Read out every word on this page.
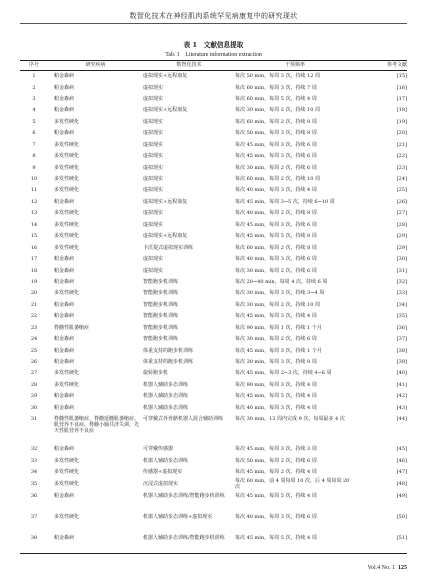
数智化技术在神经肌肉系统罕见病康复中的研究现状
表 1　文献信息提取
Tab. 1　Literature information extraction
序号	研究疾病	数智化技术	干预频率	参考文献
1	帕金森病	虚拟现实+远程康复	每次 50 min，每周 3 次，持续 12 周	[15]
2	帕金森病	虚拟现实	每次 60 min，每周 3 次，持续 7 周	[16]
3	帕金森病	虚拟现实	每次 60 min，每周 5 次，持续 4 周	[17]
4	帕金森病	虚拟现实+远程康复	每次 30 min，每周 2 次，持续 10 周	[18]
5	多发性硬化	虚拟现实	每次 60 min，每周 2 次，持续 8 周	[19]
6	帕金森病	虚拟现实	每次 50 min，每周 3 次，持续 8 周	[20]
7	多发性硬化	虚拟现实	每次 45 min，每周 3 次，持续 6 周	[21]
8	多发性硬化	虚拟现实	每次 45 min，每周 3 次，持续 6 周	[22]
9	多发性硬化	虚拟现实	每次 30 min，每周 2 次，持续 6 周	[23]
10	多发性硬化	虚拟现实	每次 60 min，每周 2 次，持续 10 周	[24]
11	多发性硬化	虚拟现实	每次 40 min，每周 3 次，持续 4 周	[25]
12	帕金森病	虚拟现实+远程康复	每次 45 min，每周 3~5 次，持续 6~10 周	[26]
13	多发性硬化	虚拟现实	每次 40 min，每周 2 次，持续 8 周	[27]
14	多发性硬化	虚拟现实	每次 45 min，每周 3 次，持续 6 周	[28]
15	多发性硬化	虚拟现实+远程康复	每次 45 min，每周 5 次，持续 8 周	[29]
16	多发性硬化	卡沃提式虚拟现实训练	每次 60 min，每周 2 次，持续 8 周	[29]
17	帕金森病	虚拟现实	每次 40 min，每周 3 次，持续 6 周	[30]
18	帕金森病	虚拟现实	每次 30 min，每周 2 次，持续 6 周	[31]
19	帕金森病	智能跑步机训练	每次 20~40 min，每周 4 次，持续 6 周	[32]
20	多发性硬化	智能跑步机训练	每次 30 min，每周 3 次，持续 3~4 周	[33]
21	帕金森病	智能跑步机训练	每次 30 min，每周 2 次，持续 10 周	[34]
22	帕金森病	智能跑步机训练	每次 45 min，每周 3 次，持续 4 周	[35]
23	脊髓性肌萎缩症	智能跑步机训练	每次 90 min，每周 1 次，持续 1 个月	[36]
24	帕金森病	智能跑步机训练	每次 30 min，每周 2 次，持续 6 周	[37]
25	帕金森病	体重支持的跑步机训练	每次 45 min，每周 3 次，持续 1 个月	[38]
26	帕金森病	体重支持的跑步机训练	每次 30 min，每周 3 次，持续 8 周	[39]
27	多发性硬化	旋转跑步机	每次 45 min，每周 2~3 次，持续 4~6 周	[40]
28	多发性硬化	机器人辅助步态训练	每次 90 min，每周 3 次，持续 4 周	[41]
29	帕金森病	机器人辅助步态训练	每次 45 min，每周 5 次，持续 4 周	[42]
30	帕金森病	机器人辅助步态训练	每次 40 min，每周 3 次，持续 4 周	[43]
31	脊髓性肌萎缩症、脊髓延髓肌萎缩症、肌营养不良症、脊髓小脑共济失调、先天性肌营养不良症	可穿戴式外骨骼机器人混合辅助训练	每次 30 min，13 周内完成 9 次，每周最多 4 次	[44]
32	帕金森病	可穿戴传感器	每次 45 min，每周 3 次，持续 3 周	[45]
33	多发性硬化	机器人辅助步态训练	每次 50 min，每周 2 次，持续 6 周	[46]
34	多发性硬化	传感器+虚拟现实	每次 45 min，每周 2 次，持续 4 周	[47]
35	多发性硬化	沉浸式虚拟现实	每次 60 min，前 4 周每周 10 次，后 4 周每周 20 次	[48]
36	帕金森病	机器人辅助步态训练/智能跑步机训练	每次 45 min，每周 5 次，持续 4 周	[49]
37	多发性硬化	机器人辅助步态训练+虚拟现实	每次 40 min，每周 3 次，持续 6 周	[50]
38	帕金森病	机器人辅助步态训练/智能跑步机训练	每次 45 min，每周 5 次，持续 4 周	[51]
Vol.4 No. 1 125
